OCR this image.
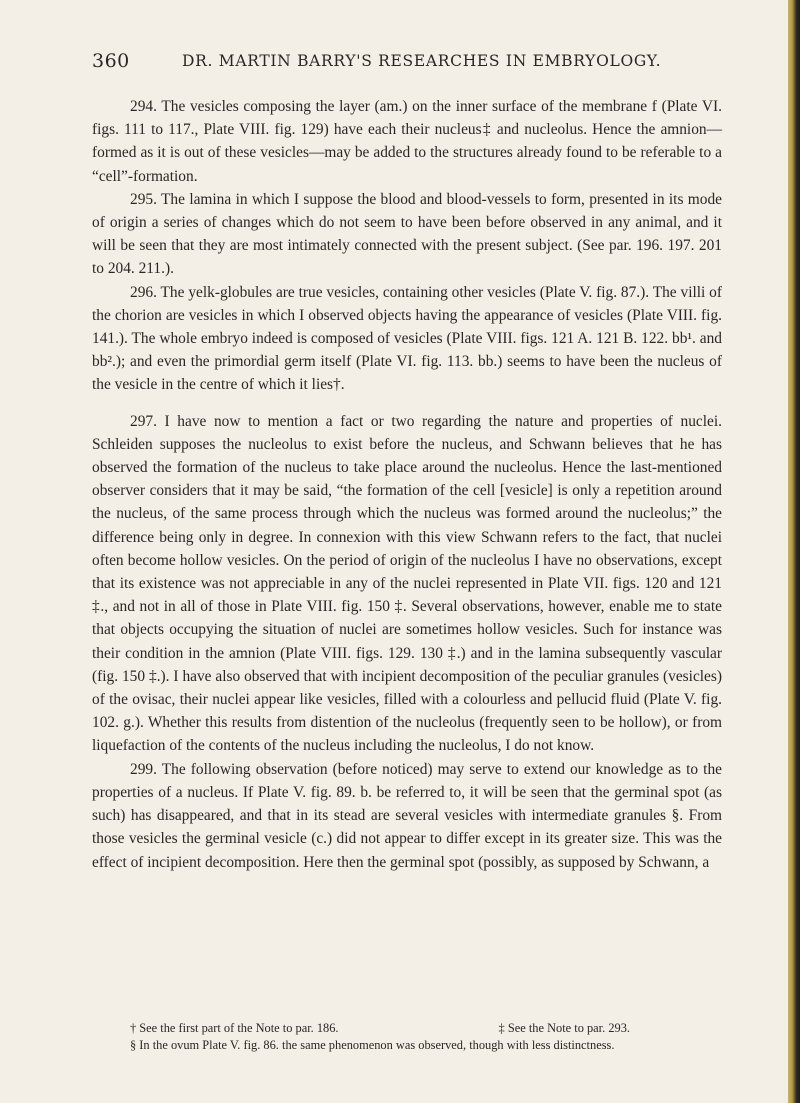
360	DR. MARTIN BARRY'S RESEARCHES IN EMBRYOLOGY.

294. The vesicles composing the layer (am.) on the inner surface of the membrane f (Plate VI. figs. 111 to 117., Plate VIII. fig. 129) have each their nucleus‡ and nucleolus. Hence the amnion—formed as it is out of these vesicles—may be added to the structures already found to be referable to a “cell”-formation.

295. The lamina in which I suppose the blood and blood-vessels to form, presented in its mode of origin a series of changes which do not seem to have been before observed in any animal, and it will be seen that they are most intimately connected with the present subject. (See par. 196. 197. 201 to 204. 211.).

296. The yelk-globules are true vesicles, containing other vesicles (Plate V. fig. 87.). The villi of the chorion are vesicles in which I observed objects having the appearance of vesicles (Plate VIII. fig. 141.). The whole embryo indeed is composed of vesicles (Plate VIII. figs. 121 A. 121 B. 122. bb¹. and bb².); and even the primordial germ itself (Plate VI. fig. 113. bb.) seems to have been the nucleus of the vesicle in the centre of which it lies†.

297. I have now to mention a fact or two regarding the nature and properties of nuclei. Schleiden supposes the nucleolus to exist before the nucleus, and Schwann believes that he has observed the formation of the nucleus to take place around the nucleolus. Hence the last-mentioned observer considers that it may be said, “the formation of the cell [vesicle] is only a repetition around the nucleus, of the same process through which the nucleus was formed around the nucleolus;” the difference being only in degree. In connexion with this view Schwann refers to the fact, that nuclei often become hollow vesicles. On the period of origin of the nucleolus I have no observations, except that its existence was not appreciable in any of the nuclei represented in Plate VII. figs. 120 and 121 ‡., and not in all of those in Plate VIII. fig. 150 ‡. Several observations, however, enable me to state that objects occupying the situation of nuclei are sometimes hollow vesicles. Such for instance was their condition in the amnion (Plate VIII. figs. 129. 130 ‡.) and in the lamina subsequently vascular (fig. 150 ‡.). I have also observed that with incipient decomposition of the peculiar granules (vesicles) of the ovisac, their nuclei appear like vesicles, filled with a colourless and pellucid fluid (Plate V. fig. 102. g.). Whether this results from distention of the nucleolus (frequently seen to be hollow), or from liquefaction of the contents of the nucleus including the nucleolus, I do not know.

299. The following observation (before noticed) may serve to extend our knowledge as to the properties of a nucleus. If Plate V. fig. 89. b. be referred to, it will be seen that the germinal spot (as such) has disappeared, and that in its stead are several vesicles with intermediate granules §. From those vesicles the germinal vesicle (c.) did not appear to differ except in its greater size. This was the effect of incipient decomposition. Here then the germinal spot (possibly, as supposed by Schwann, a

† See the first part of the Note to par. 186.	‡ See the Note to par. 293.
§ In the ovum Plate V. fig. 86. the same phenomenon was observed, though with less distinctness.
